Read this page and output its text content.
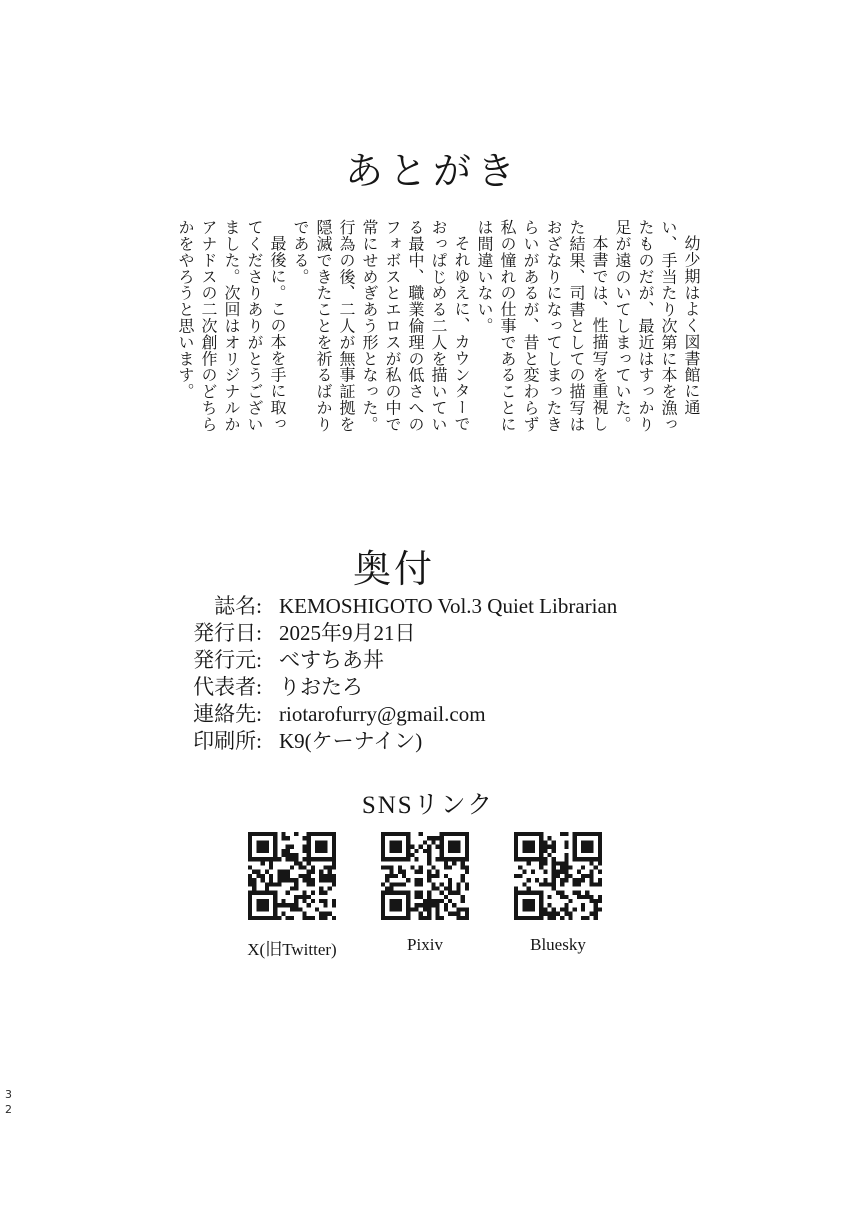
あとがき
幼少期はよく図書館に通
い、手当たり次第に本を漁っ
たものだが、最近はすっかり
足が遠のいてしまっていた。
本書では、性描写を重視し
た結果、司書としての描写は
おざなりになってしまったき
らいがあるが、昔と変わらず
私の憧れの仕事であることに
は間違いない。
それゆえに、カウンターで
おっぱじめる二人を描いてい
る最中、職業倫理の低さへの
フォボスとエロスが私の中で
常にせめぎあう形となった。
行為の後、二人が無事証拠を
隠滅できたことを祈るばかり
である。
最後に。この本を手に取っ
てくださりありがとうござい
ました。次回はオリジナルか
アナドスの二次創作のどちら
かをやろうと思います。
奥付
誌名: KEMOSHIGOTO Vol.3 Quiet Librarian
発行日: 2025年9月21日
発行元: べすちあ丼
代表者: りおたろ
連絡先: riotarofurry@gmail.com
印刷所: K9(ケーナイン)
SNSリンク
X(旧Twitter)	Pixiv	Bluesky
32
